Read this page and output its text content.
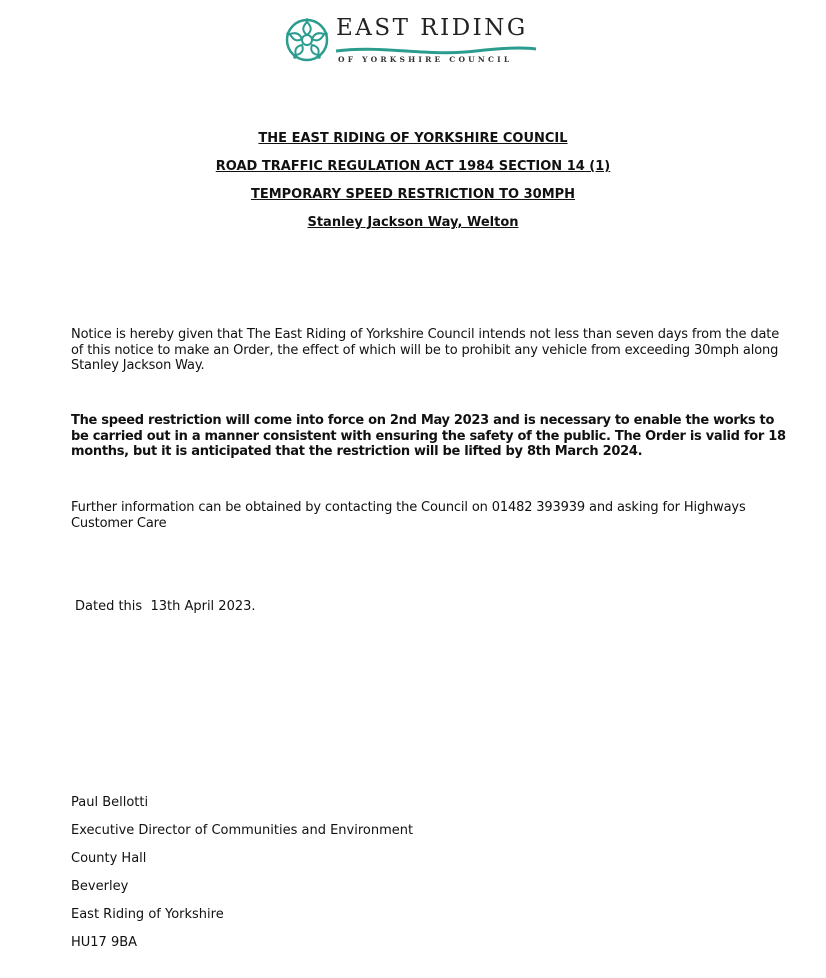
EAST RIDING
OF YORKSHIRE COUNCIL
THE EAST RIDING OF YORKSHIRE COUNCIL
ROAD TRAFFIC REGULATION ACT 1984 SECTION 14 (1)
TEMPORARY SPEED RESTRICTION TO 30MPH
Stanley Jackson Way, Welton
Notice is hereby given that The East Riding of Yorkshire Council intends not less than seven days from the date of this notice to make an Order, the effect of which will be to prohibit any vehicle from exceeding 30mph along Stanley Jackson Way.
The speed restriction will come into force on 2nd May 2023 and is necessary to enable the works to be carried out in a manner consistent with ensuring the safety of the public. The Order is valid for 18 months, but it is anticipated that the restriction will be lifted by 8th March 2024.
Further information can be obtained by contacting the Council on 01482 393939 and asking for Highways Customer Care
Dated this  13th April 2023.
Paul Bellotti
Executive Director of Communities and Environment
County Hall
Beverley
East Riding of Yorkshire
HU17 9BA
